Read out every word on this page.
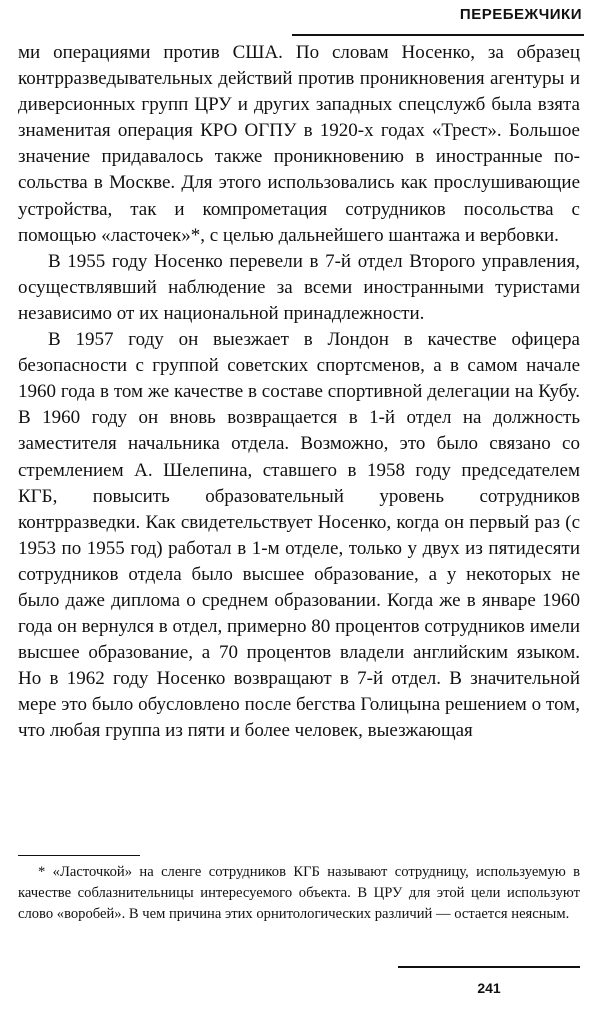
ПЕРЕБЕЖЧИКИ

ми операциями против США. По словам Носенко, за образец контрразведывательных действий против проникновения агентуры и диверсионных групп ЦРУ и других западных спецслужб была взята знаменитая операция КРО ОГПУ в 1920-х годах «Трест». Большое значение придавалось также проникновению в иностранные посольства в Москве. Для этого использовались как прослушивающие устройства, так и компрометация сотрудников посольства с помощью «ласточек»*, с целью дальнейшего шантажа и вербовки.

В 1955 году Носенко перевели в 7-й отдел Второго управления, осуществлявший наблюдение за всеми иностранными туристами независимо от их национальной принадлежности.

В 1957 году он выезжает в Лондон в качестве офицера безопасности с группой советских спортсменов, а в самом начале 1960 года в том же качестве в составе спортивной делегации на Кубу. В 1960 году он вновь возвращается в 1-й отдел на должность заместителя начальника отдела. Возможно, это было связано со стремлением А. Шелепина, ставшего в 1958 году председателем КГБ, повысить образовательный уровень сотрудников контрразведки. Как свидетельствует Носенко, когда он первый раз (с 1953 по 1955 год) работал в 1-м отделе, только у двух из пятидесяти сотрудников отдела было высшее образование, а у некоторых не было даже диплома о среднем образовании. Когда же в январе 1960 года он вернулся в отдел, примерно 80 процентов сотрудников имели высшее образование, а 70 процентов владели английским языком. Но в 1962 году Носенко возвращают в 7-й отдел. В значительной мере это было обусловлено после бегства Голицына решением о том, что любая группа из пяти и более человек, выезжающая

* «Ласточкой» на сленге сотрудников КГБ называют сотрудницу, используемую в качестве соблазнительницы интересуемого объекта. В ЦРУ для этой цели используют слово «воробей». В чем причина этих орнитологических различий — остается неясным.

241
